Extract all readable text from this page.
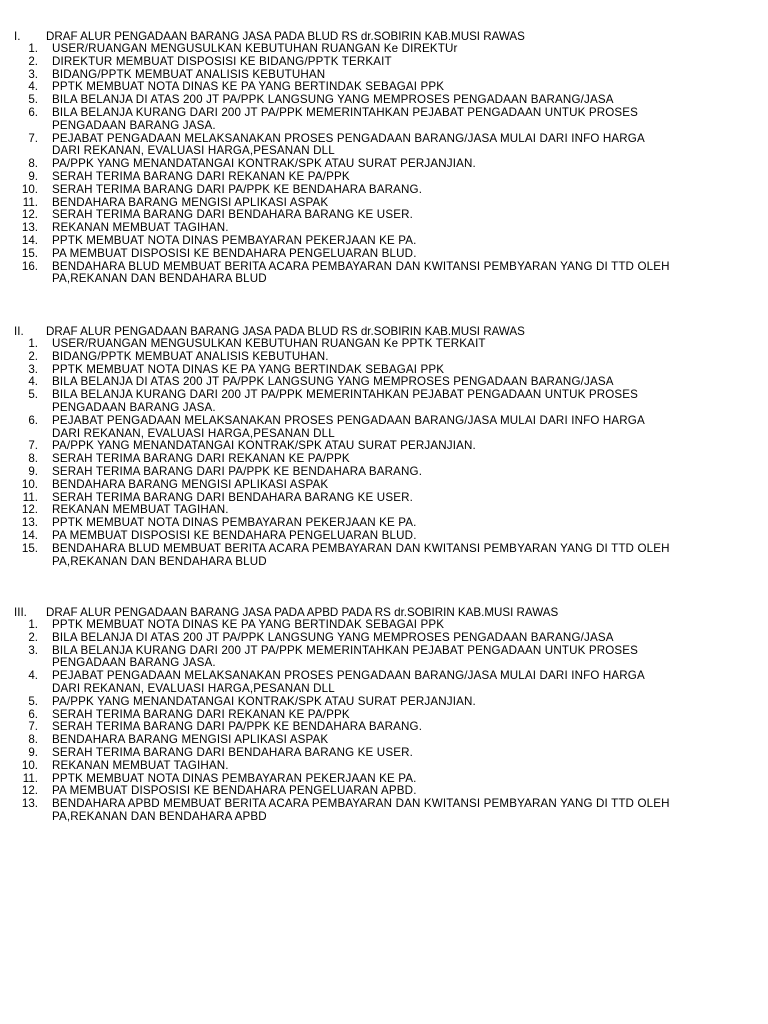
I.	DRAF ALUR PENGADAAN BARANG JASA PADA BLUD RS dr.SOBIRIN KAB.MUSI RAWAS
1.	USER/RUANGAN MENGUSULKAN KEBUTUHAN RUANGAN Ke DIREKTUr
2.	DIREKTUR MEMBUAT DISPOSISI KE BIDANG/PPTK TERKAIT
3.	BIDANG/PPTK MEMBUAT ANALISIS KEBUTUHAN
4.	PPTK MEMBUAT NOTA DINAS KE PA YANG BERTINDAK SEBAGAI PPK
5.	BILA BELANJA DI ATAS 200 JT PA/PPK LANGSUNG YANG MEMPROSES PENGADAAN BARANG/JASA
6.	BILA BELANJA KURANG DARI 200 JT PA/PPK MEMERINTAHKAN PEJABAT PENGADAAN UNTUK PROSES PENGADAAN BARANG JASA.
7.	PEJABAT PENGADAAN MELAKSANAKAN PROSES PENGADAAN BARANG/JASA MULAI DARI INFO HARGA DARI REKANAN, EVALUASI HARGA,PESANAN DLL
8.	PA/PPK YANG MENANDATANGAI KONTRAK/SPK ATAU SURAT PERJANJIAN.
9.	SERAH TERIMA BARANG DARI REKANAN KE PA/PPK
10.	SERAH TERIMA BARANG DARI PA/PPK KE BENDAHARA BARANG.
11.	BENDAHARA BARANG MENGISI APLIKASI ASPAK
12.	SERAH TERIMA BARANG DARI BENDAHARA BARANG KE USER.
13.	REKANAN MEMBUAT TAGIHAN.
14.	PPTK MEMBUAT NOTA DINAS PEMBAYARAN PEKERJAAN KE PA.
15.	PA MEMBUAT DISPOSISI KE BENDAHARA PENGELUARAN BLUD.
16.	BENDAHARA BLUD MEMBUAT BERITA ACARA PEMBAYARAN DAN KWITANSI PEMBYARAN YANG DI TTD OLEH PA,REKANAN DAN BENDAHARA BLUD
II.	DRAF ALUR PENGADAAN BARANG JASA PADA BLUD RS dr.SOBIRIN KAB.MUSI RAWAS
1.	USER/RUANGAN MENGUSULKAN KEBUTUHAN RUANGAN Ke PPTK TERKAIT
2.	BIDANG/PPTK MEMBUAT ANALISIS KEBUTUHAN.
3.	PPTK MEMBUAT NOTA DINAS KE PA YANG BERTINDAK SEBAGAI PPK
4.	BILA BELANJA DI ATAS 200 JT PA/PPK LANGSUNG YANG MEMPROSES PENGADAAN BARANG/JASA
5.	BILA BELANJA KURANG DARI 200 JT PA/PPK MEMERINTAHKAN PEJABAT PENGADAAN UNTUK PROSES PENGADAAN BARANG JASA.
6.	PEJABAT PENGADAAN MELAKSANAKAN PROSES PENGADAAN BARANG/JASA MULAI DARI INFO HARGA DARI REKANAN, EVALUASI HARGA,PESANAN DLL
7.	PA/PPK YANG MENANDATANGAI KONTRAK/SPK ATAU SURAT PERJANJIAN.
8.	SERAH TERIMA BARANG DARI REKANAN KE PA/PPK
9.	SERAH TERIMA BARANG DARI PA/PPK KE BENDAHARA BARANG.
10.	BENDAHARA BARANG MENGISI APLIKASI ASPAK
11.	SERAH TERIMA BARANG DARI BENDAHARA BARANG KE USER.
12.	REKANAN MEMBUAT TAGIHAN.
13.	PPTK MEMBUAT NOTA DINAS PEMBAYARAN PEKERJAAN KE PA.
14.	PA MEMBUAT DISPOSISI KE BENDAHARA PENGELUARAN BLUD.
15.	BENDAHARA BLUD MEMBUAT BERITA ACARA PEMBAYARAN DAN KWITANSI PEMBYARAN YANG DI TTD OLEH PA,REKANAN DAN BENDAHARA BLUD
III.	DRAF ALUR PENGADAAN BARANG JASA PADA APBD PADA RS dr.SOBIRIN KAB.MUSI RAWAS
1.	PPTK MEMBUAT NOTA DINAS KE PA YANG BERTINDAK SEBAGAI PPK
2.	BILA BELANJA DI ATAS 200 JT PA/PPK LANGSUNG YANG MEMPROSES PENGADAAN BARANG/JASA
3.	BILA BELANJA KURANG DARI 200 JT PA/PPK MEMERINTAHKAN PEJABAT PENGADAAN UNTUK PROSES PENGADAAN BARANG JASA.
4.	PEJABAT PENGADAAN MELAKSANAKAN PROSES PENGADAAN BARANG/JASA MULAI DARI INFO HARGA DARI REKANAN, EVALUASI HARGA,PESANAN DLL
5.	PA/PPK YANG MENANDATANGAI KONTRAK/SPK ATAU SURAT PERJANJIAN.
6.	SERAH TERIMA BARANG DARI REKANAN KE PA/PPK
7.	SERAH TERIMA BARANG DARI PA/PPK KE BENDAHARA BARANG.
8.	BENDAHARA BARANG MENGISI APLIKASI ASPAK
9.	SERAH TERIMA BARANG DARI BENDAHARA BARANG KE USER.
10.	REKANAN MEMBUAT TAGIHAN.
11.	PPTK MEMBUAT NOTA DINAS PEMBAYARAN PEKERJAAN KE PA.
12.	PA MEMBUAT DISPOSISI KE BENDAHARA PENGELUARAN APBD.
13.	BENDAHARA APBD MEMBUAT BERITA ACARA PEMBAYARAN DAN KWITANSI PEMBYARAN YANG DI TTD OLEH PA,REKANAN DAN BENDAHARA APBD
